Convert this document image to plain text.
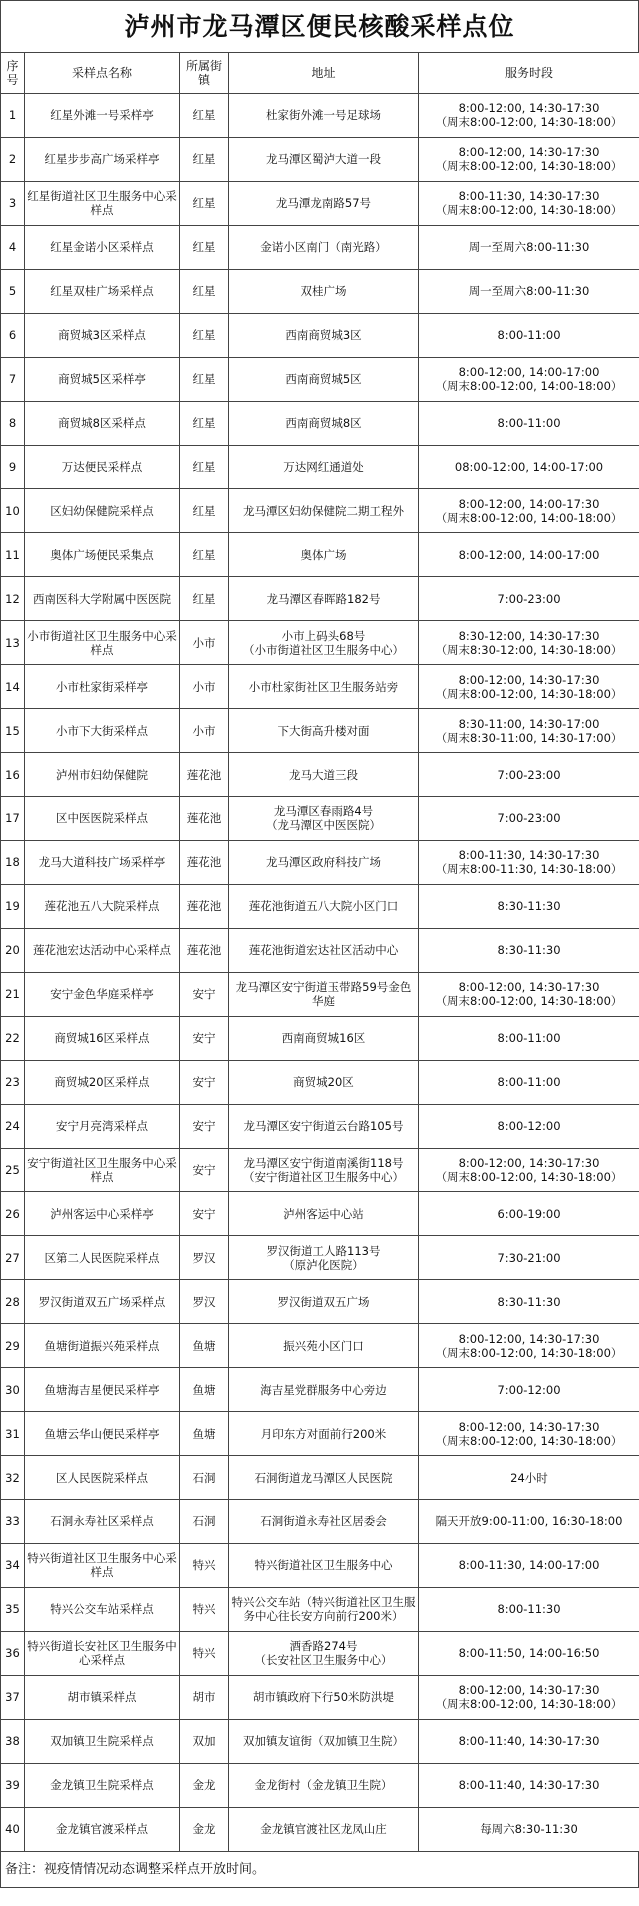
泸州市龙马潭区便民核酸采样点位
序号	采样点名称	所属街镇	地址	服务时段
1	红星外滩一号采样亭	红星	杜家街外滩一号足球场	8:00-12:00, 14:30-17:30
（周末8:00-12:00, 14:30-18:00）
2	红星步步高广场采样亭	红星	龙马潭区蜀泸大道一段	8:00-12:00, 14:30-17:30
（周末8:00-12:00, 14:30-18:00）
3	红星街道社区卫生服务中心采样点	红星	龙马潭龙南路57号	8:00-11:30, 14:30-17:30
（周末8:00-12:00, 14:30-18:00）
4	红星金诺小区采样点	红星	金诺小区南门（南光路）	周一至周六8:00-11:30
5	红星双桂广场采样点	红星	双桂广场	周一至周六8:00-11:30
6	商贸城3区采样点	红星	西南商贸城3区	8:00-11:00
7	商贸城5区采样亭	红星	西南商贸城5区	8:00-12:00, 14:00-17:00
（周末8:00-12:00, 14:00-18:00）
8	商贸城8区采样点	红星	西南商贸城8区	8:00-11:00
9	万达便民采样点	红星	万达网红通道处	08:00-12:00, 14:00-17:00
10	区妇幼保健院采样点	红星	龙马潭区妇幼保健院二期工程外	8:00-12:00, 14:00-17:30
（周末8:00-12:00, 14:00-18:00）
11	奥体广场便民采集点	红星	奥体广场	8:00-12:00, 14:00-17:00
12	西南医科大学附属中医医院	红星	龙马潭区春晖路182号	7:00-23:00
13	小市街道社区卫生服务中心采样点	小市	小市上码头68号
（小市街道社区卫生服务中心）	8:30-12:00, 14:30-17:30
（周末8:30-12:00, 14:30-18:00）
14	小市杜家街采样亭	小市	小市杜家街社区卫生服务站旁	8:00-12:00, 14:30-17:30
（周末8:00-12:00, 14:30-18:00）
15	小市下大街采样点	小市	下大街高升楼对面	8:30-11:00, 14:30-17:00
（周末8:30-11:00, 14:30-17:00）
16	泸州市妇幼保健院	莲花池	龙马大道三段	7:00-23:00
17	区中医医院采样点	莲花池	龙马潭区春雨路4号
（龙马潭区中医医院）	7:00-23:00
18	龙马大道科技广场采样亭	莲花池	龙马潭区政府科技广场	8:00-11:30, 14:30-17:30
（周末8:00-11:30, 14:30-18:00）
19	莲花池五八大院采样点	莲花池	莲花池街道五八大院小区门口	8:30-11:30
20	莲花池宏达活动中心采样点	莲花池	莲花池街道宏达社区活动中心	8:30-11:30
21	安宁金色华庭采样亭	安宁	龙马潭区安宁街道玉带路59号金色华庭	8:00-12:00, 14:30-17:30
（周末8:00-12:00, 14:30-18:00）
22	商贸城16区采样点	安宁	西南商贸城16区	8:00-11:00
23	商贸城20区采样点	安宁	商贸城20区	8:00-11:00
24	安宁月亮湾采样点	安宁	龙马潭区安宁街道云台路105号	8:00-12:00
25	安宁街道社区卫生服务中心采样点	安宁	龙马潭区安宁街道南溪街118号
（安宁街道社区卫生服务中心）	8:00-12:00, 14:30-17:30
（周末8:00-12:00, 14:30-18:00）
26	泸州客运中心采样亭	安宁	泸州客运中心站	6:00-19:00
27	区第二人民医院采样点	罗汉	罗汉街道工人路113号
（原泸化医院）	7:30-21:00
28	罗汉街道双五广场采样点	罗汉	罗汉街道双五广场	8:30-11:30
29	鱼塘街道振兴苑采样点	鱼塘	振兴苑小区门口	8:00-12:00, 14:30-17:30
（周末8:00-12:00, 14:30-18:00）
30	鱼塘海吉星便民采样亭	鱼塘	海吉星党群服务中心旁边	7:00-12:00
31	鱼塘云华山便民采样亭	鱼塘	月印东方对面前行200米	8:00-12:00, 14:30-17:30
（周末8:00-12:00, 14:30-18:00）
32	区人民医院采样点	石洞	石洞街道龙马潭区人民医院	24小时
33	石洞永寿社区采样点	石洞	石洞街道永寿社区居委会	隔天开放9:00-11:00, 16:30-18:00
34	特兴街道社区卫生服务中心采样点	特兴	特兴街道社区卫生服务中心	8:00-11:30, 14:00-17:00
35	特兴公交车站采样点	特兴	特兴公交车站（特兴街道社区卫生服务中心往长安方向前行200米）	8:00-11:30
36	特兴街道长安社区卫生服务中心采样点	特兴	酒香路274号
（长安社区卫生服务中心）	8:00-11:50, 14:00-16:50
37	胡市镇采样点	胡市	胡市镇政府下行50米防洪堤	8:00-12:00, 14:30-17:30
（周末8:00-12:00, 14:30-18:00）
38	双加镇卫生院采样点	双加	双加镇友谊街（双加镇卫生院）	8:00-11:40, 14:30-17:30
39	金龙镇卫生院采样点	金龙	金龙街村（金龙镇卫生院）	8:00-11:40, 14:30-17:30
40	金龙镇官渡采样点	金龙	金龙镇官渡社区龙凤山庄	每周六8:30-11:30
备注：视疫情情况动态调整采样点开放时间。
